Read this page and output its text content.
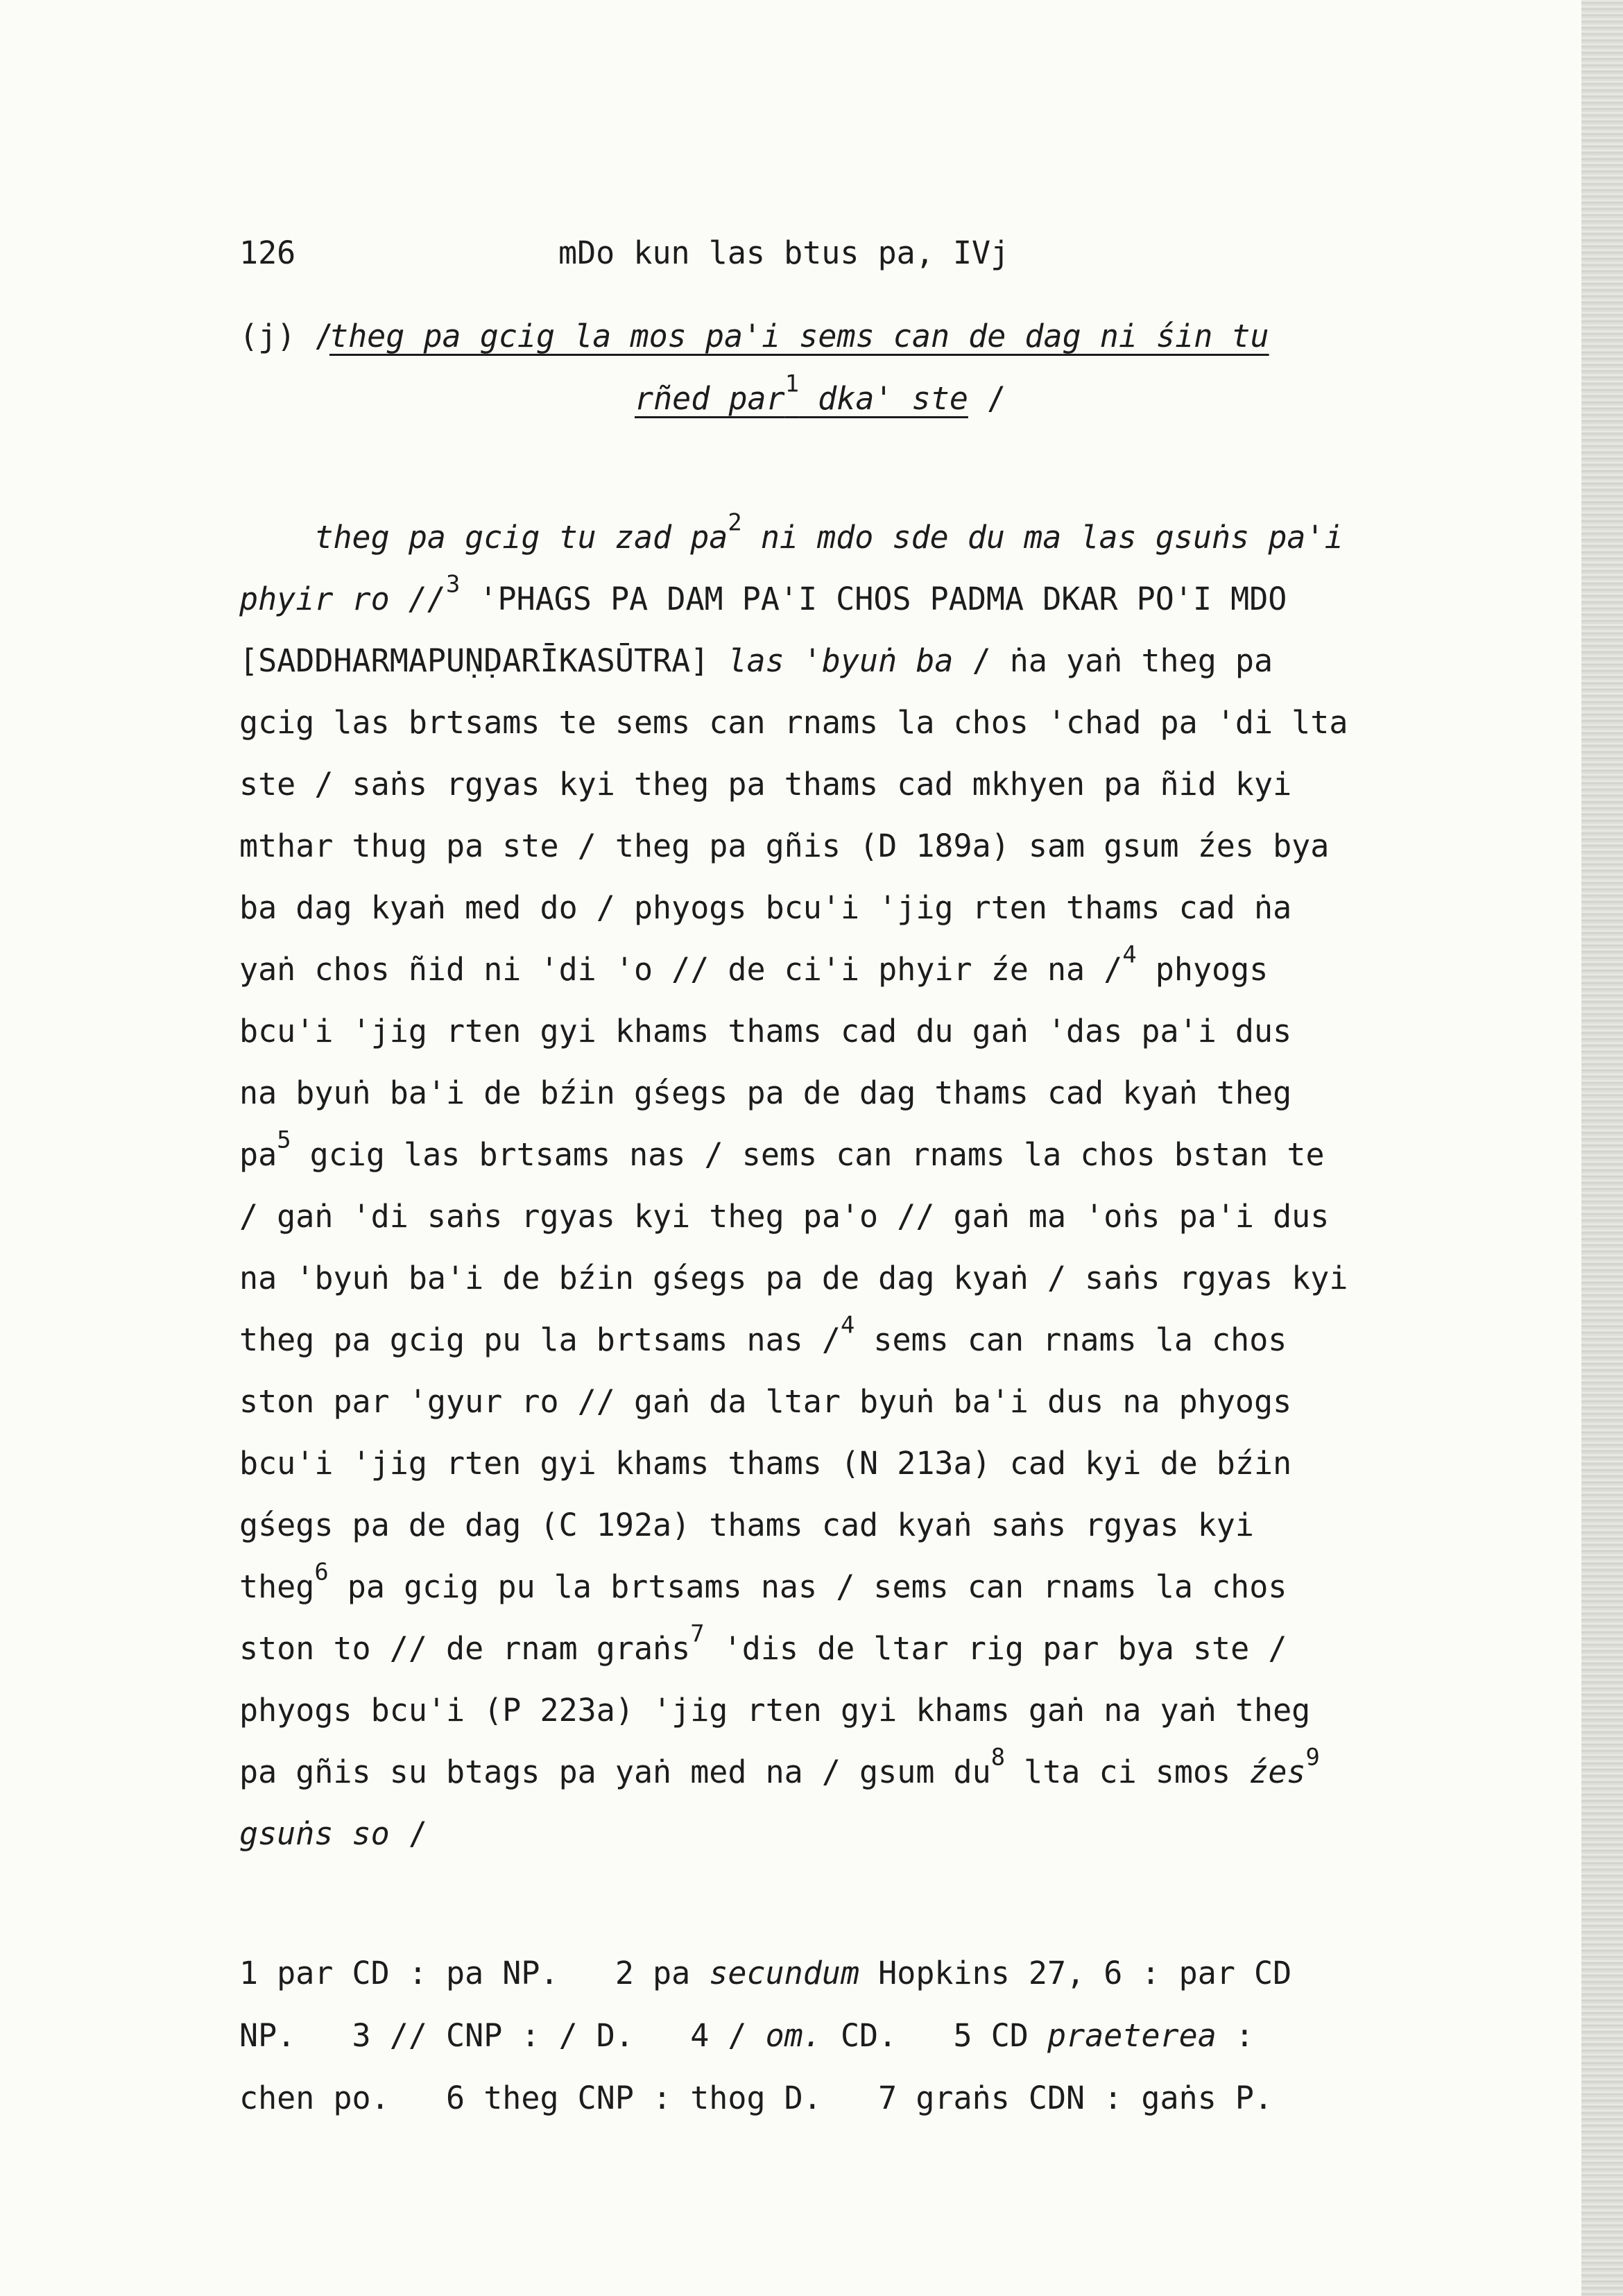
126	mDo kun las btus pa, IVj
(j) /
theg pa gcig la mos pa'i sems can de dag ni śin tu
rñed par$^1$ dka' ste /
theg pa gcig tu zad $pa^2$ ni mdo sde du ma las gsuṅs pa'i
phyir ro //$^3$ 'PHAGS PA DAM PA'I CHOS PADMA DKAR PO'I MDO
[SADDHARMAPUṆḌARĪKASŪTRA] las 'byuṅ ba / ṅa yaṅ theg pa
gcig las brtsams te sems can rnams la chos 'chad pa 'di lta
ste / saṅs rgyas kyi theg pa thams cad mkhyen pa ñid kyi
mthar thug pa ste / theg pa gñis (D 189a) sam gsum źes bya
ba dag kyaṅ med do / phyogs bcu'i 'jig rten thams cad ṅa
yaṅ chos ñid ni 'di 'o // de ci'i phyir źe na /$^4$ phyogs
bcu'i 'jig rten gyi khams thams cad du gaṅ 'das pa'i dus
na byuṅ ba'i de bźin gśegs pa de dag thams cad kyaṅ theg
$pa^5$ gcig las brtsams nas / sems can rnams la chos bstan te
/ gaṅ 'di saṅs rgyas kyi theg pa'o // gaṅ ma 'oṅs pa'i dus
na 'byuṅ ba'i de bźin gśegs pa de dag kyaṅ / saṅs rgyas kyi
theg pa gcig pu la brtsams nas /$^4$ sems can rnams la chos
ston par 'gyur ro // gaṅ da ltar byuṅ ba'i dus na phyogs
bcu'i 'jig rten gyi khams thams (N 213a) cad kyi de bźin
gśegs pa de dag (C 192a) thams cad kyaṅ saṅs rgyas kyi
theg$^6$ pa gcig pu la brtsams nas / sems can rnams la chos
ston to // de rnam graṅs$^7$ 'dis de ltar rig par bya ste /
phyogs bcu'i (P 223a) 'jig rten gyi khams gaṅ na yaṅ theg
pa gñis su btags pa yaṅ med na / gsum $du^8$ lta ci smos źes$^9$
gsuṅs so /
1 par CD : pa NP.   2 pa secundum Hopkins 27, 6 : par CD
NP.   3 // CNP : / D.   4 / om. CD.   5 CD praeterea :
chen po.   6 theg CNP : thog D.   7 graṅs CDN : gaṅs P.
